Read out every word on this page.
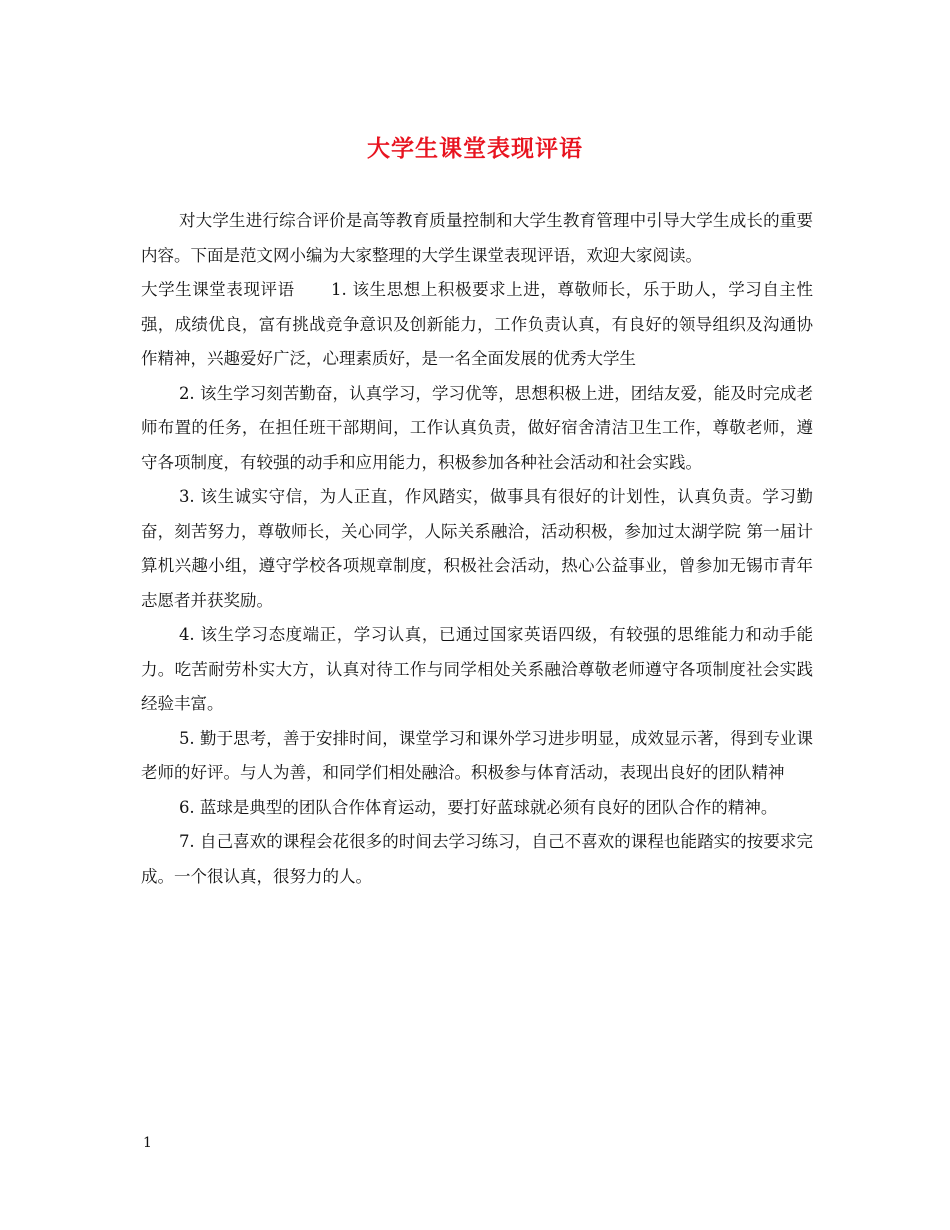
大学生课堂表现评语

对大学生进行综合评价是高等教育质量控制和大学生教育管理中引导大学生成长的重要内容。下面是范文网小编为大家整理的大学生课堂表现评语，欢迎大家阅读。

大学生课堂表现评语 1. 该生思想上积极要求上进，尊敬师长，乐于助人，学习自主性强，成绩优良，富有挑战竞争意识及创新能力，工作负责认真，有良好的领导组织及沟通协作精神，兴趣爱好广泛，心理素质好，是一名全面发展的优秀大学生

2. 该生学习刻苦勤奋，认真学习，学习优等，思想积极上进，团结友爱，能及时完成老师布置的任务，在担任班干部期间，工作认真负责，做好宿舍清洁卫生工作，尊敬老师，遵守各项制度，有较强的动手和应用能力，积极参加各种社会活动和社会实践。

3. 该生诚实守信，为人正直，作风踏实，做事具有很好的计划性，认真负责。学习勤奋，刻苦努力，尊敬师长，关心同学，人际关系融洽，活动积极，参加过太湖学院 第一届计算机兴趣小组，遵守学校各项规章制度，积极社会活动，热心公益事业，曾参加无锡市青年志愿者并获奖励。

4. 该生学习态度端正，学习认真，已通过国家英语四级，有较强的思维能力和动手能力。吃苦耐劳朴实大方，认真对待工作与同学相处关系融洽尊敬老师遵守各项制度社会实践经验丰富。

5. 勤于思考，善于安排时间，课堂学习和课外学习进步明显，成效显示著，得到专业课老师的好评。与人为善，和同学们相处融洽。积极参与体育活动，表现出良好的团队精神

6. 蓝球是典型的团队合作体育运动，要打好蓝球就必须有良好的团队合作的精神。

7. 自己喜欢的课程会花很多的时间去学习练习，自己不喜欢的课程也能踏实的按要求完成。一个很认真，很努力的人。

1
